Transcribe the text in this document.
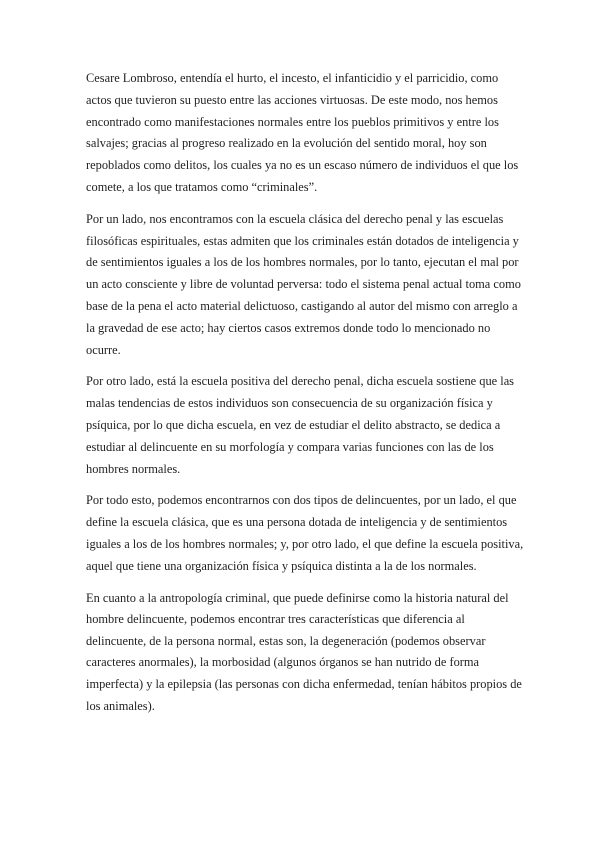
Cesare Lombroso, entendía el hurto, el incesto, el infanticidio y el parricidio, como
actos que tuvieron su puesto entre las acciones virtuosas. De este modo, nos hemos
encontrado como manifestaciones normales entre los pueblos primitivos y entre los
salvajes; gracias al progreso realizado en la evolución del sentido moral, hoy son
repoblados como delitos, los cuales ya no es un escaso número de individuos el que los
comete, a los que tratamos como “criminales”.

Por un lado, nos encontramos con la escuela clásica del derecho penal y las escuelas
filosóficas espirituales, estas admiten que los criminales están dotados de inteligencia y
de sentimientos iguales a los de los hombres normales, por lo tanto, ejecutan el mal por
un acto consciente y libre de voluntad perversa: todo el sistema penal actual toma como
base de la pena el acto material delictuoso, castigando al autor del mismo con arreglo a
la gravedad de ese acto; hay ciertos casos extremos donde todo lo mencionado no
ocurre.

Por otro lado, está la escuela positiva del derecho penal, dicha escuela sostiene que las
malas tendencias de estos individuos son consecuencia de su organización física y
psíquica, por lo que dicha escuela, en vez de estudiar el delito abstracto, se dedica a
estudiar al delincuente en su morfología y compara varias funciones con las de los
hombres normales.

Por todo esto, podemos encontrarnos con dos tipos de delincuentes, por un lado, el que
define la escuela clásica, que es una persona dotada de inteligencia y de sentimientos
iguales a los de los hombres normales; y, por otro lado, el que define la escuela positiva,
aquel que tiene una organización física y psíquica distinta a la de los normales.

En cuanto a la antropología criminal, que puede definirse como la historia natural del
hombre delincuente, podemos encontrar tres características que diferencia al
delincuente, de la persona normal, estas son, la degeneración (podemos observar
caracteres anormales), la morbosidad (algunos órganos se han nutrido de forma
imperfecta) y la epilepsia (las personas con dicha enfermedad, tenían hábitos propios de
los animales).
